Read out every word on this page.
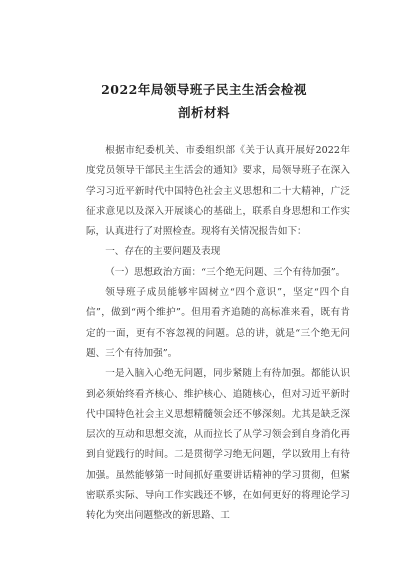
2022年局领导班子民主生活会检视
剖析材料

根据市纪委机关、市委组织部《关于认真开展好2022年度党员领导干部民主生活会的通知》要求，局领导班子在深入学习习近平新时代中国特色社会主义思想和二十大精神，广泛征求意见以及深入开展谈心的基础上，联系自身思想和工作实际，认真进行了对照检查。现将有关情况报告如下：

一、存在的主要问题及表现

（一）思想政治方面：“三个绝无问题、三个有待加强”。

领导班子成员能够牢固树立“四个意识”，坚定“四个自信”，做到“两个维护”。但用看齐追随的高标准来看，既有肯定的一面，更有不容忽视的问题。总的讲，就是“三个绝无问题、三个有待加强”。

一是入脑入心绝无问题，同步紧随上有待加强。都能认识到必须始终看齐核心、维护核心、追随核心，但对习近平新时代中国特色社会主义思想精髓领会还不够深刻。尤其是缺乏深层次的互动和思想交流，从而拉长了从学习领会到自身消化再到自觉践行的时间。二是贯彻学习绝无问题，学以致用上有待加强。虽然能够第一时间抓好重要讲话精神的学习贯彻，但紧密联系实际、导向工作实践还不够，在如何更好的将理论学习转化为突出问题整改的新思路、工
